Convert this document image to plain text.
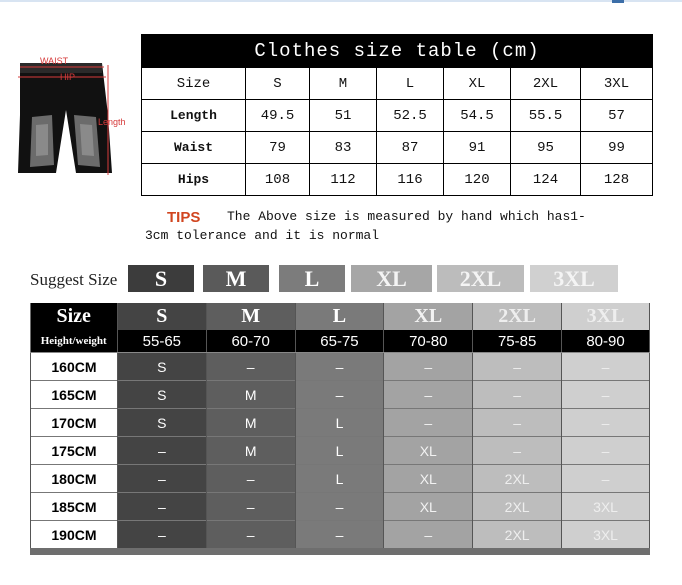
WAIST
HIP
Length
Clothes size table (cm)						
Size	S	M	L	XL	2XL	3XL
Length	49.5	51	52.5	54.5	55.5	57
Waist	79	83	87	91	95	99
Hips	108	112	116	120	124	128
TIPS The Above size is measured by hand which has1-
3cm tolerance and it is normal
Suggest Size	S	M	L	XL	2XL	3XL
Size	S	M	L	XL	2XL	3XL
Height/weight	55-65	60-70	65-75	70-80	75-85	80-90
160CM	S	–	–	–	–	–
165CM	S	M	–	–	–	–
170CM	S	M	L	–	–	–
175CM	–	M	L	XL	–	–
180CM	–	–	L	XL	2XL	–
185CM	–	–	–	XL	2XL	3XL
190CM	–	–	–	–	2XL	3XL
